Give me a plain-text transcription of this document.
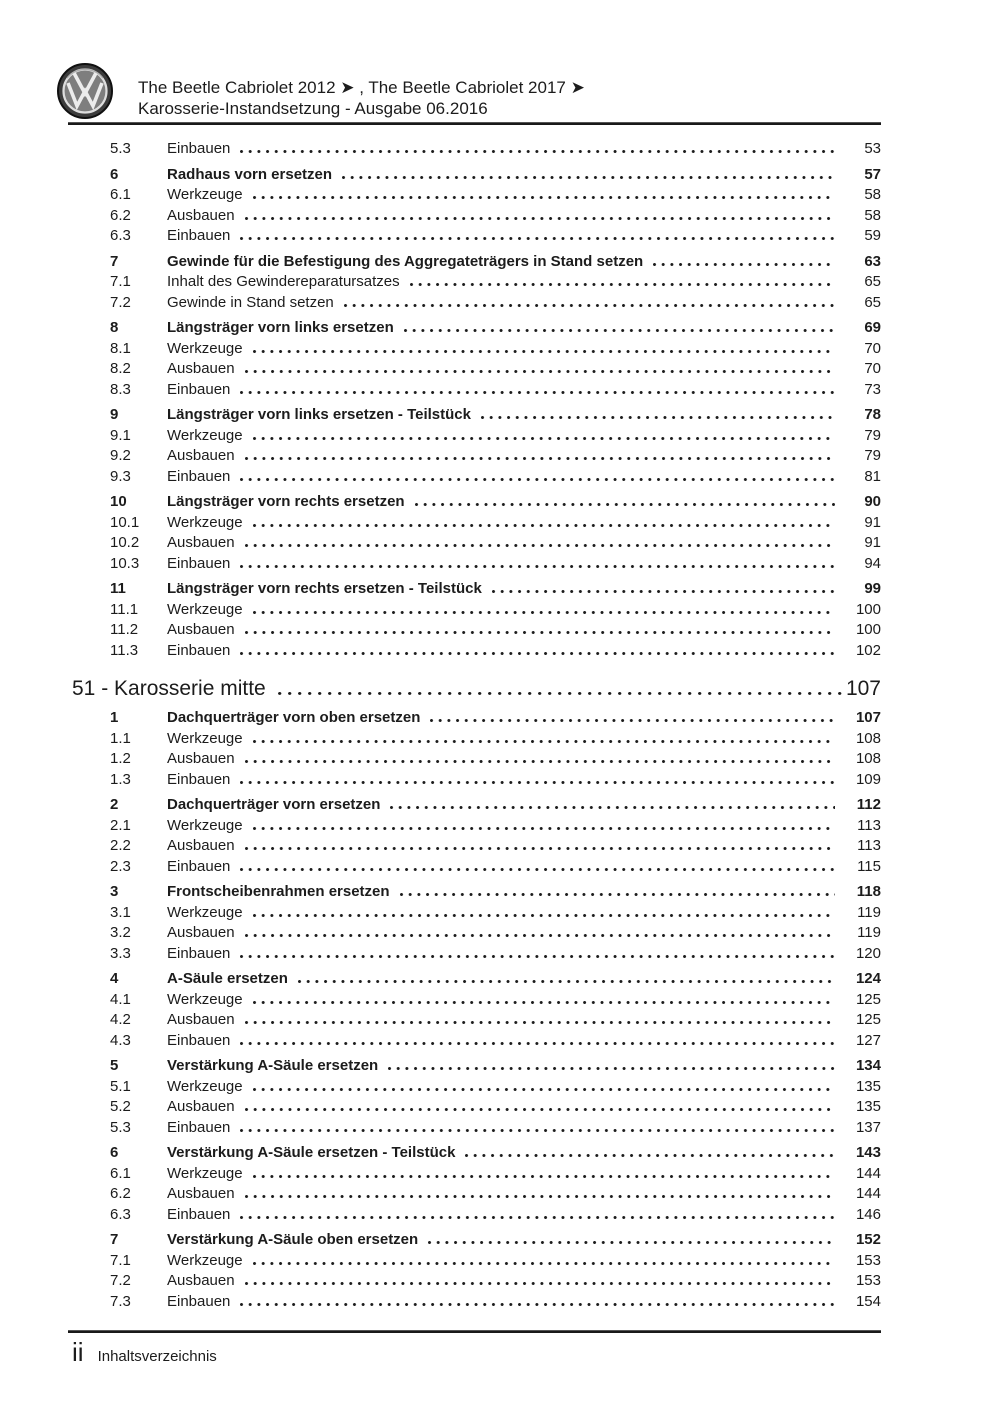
The Beetle Cabriolet 2012 ➤ , The Beetle Cabriolet 2017 ➤
Karosserie-Instandsetzung - Ausgabe 06.2016
5.3	Einbauen	53
6	Radhaus vorn ersetzen	57
6.1	Werkzeuge	58
6.2	Ausbauen	58
6.3	Einbauen	59
7	Gewinde für die Befestigung des Aggregateträgers in Stand setzen	63
7.1	Inhalt des Gewindereparatursatzes	65
7.2	Gewinde in Stand setzen	65
8	Längsträger vorn links ersetzen	69
8.1	Werkzeuge	70
8.2	Ausbauen	70
8.3	Einbauen	73
9	Längsträger vorn links ersetzen - Teilstück	78
9.1	Werkzeuge	79
9.2	Ausbauen	79
9.3	Einbauen	81
10	Längsträger vorn rechts ersetzen	90
10.1	Werkzeuge	91
10.2	Ausbauen	91
10.3	Einbauen	94
11	Längsträger vorn rechts ersetzen - Teilstück	99
11.1	Werkzeuge	100
11.2	Ausbauen	100
11.3	Einbauen	102
51 - Karosserie mitte	107
1	Dachquerträger vorn oben ersetzen	107
1.1	Werkzeuge	108
1.2	Ausbauen	108
1.3	Einbauen	109
2	Dachquerträger vorn ersetzen	112
2.1	Werkzeuge	113
2.2	Ausbauen	113
2.3	Einbauen	115
3	Frontscheibenrahmen ersetzen	118
3.1	Werkzeuge	119
3.2	Ausbauen	119
3.3	Einbauen	120
4	A-Säule ersetzen	124
4.1	Werkzeuge	125
4.2	Ausbauen	125
4.3	Einbauen	127
5	Verstärkung A-Säule ersetzen	134
5.1	Werkzeuge	135
5.2	Ausbauen	135
5.3	Einbauen	137
6	Verstärkung A-Säule ersetzen - Teilstück	143
6.1	Werkzeuge	144
6.2	Ausbauen	144
6.3	Einbauen	146
7	Verstärkung A-Säule oben ersetzen	152
7.1	Werkzeuge	153
7.2	Ausbauen	153
7.3	Einbauen	154
ii Inhaltsverzeichnis
